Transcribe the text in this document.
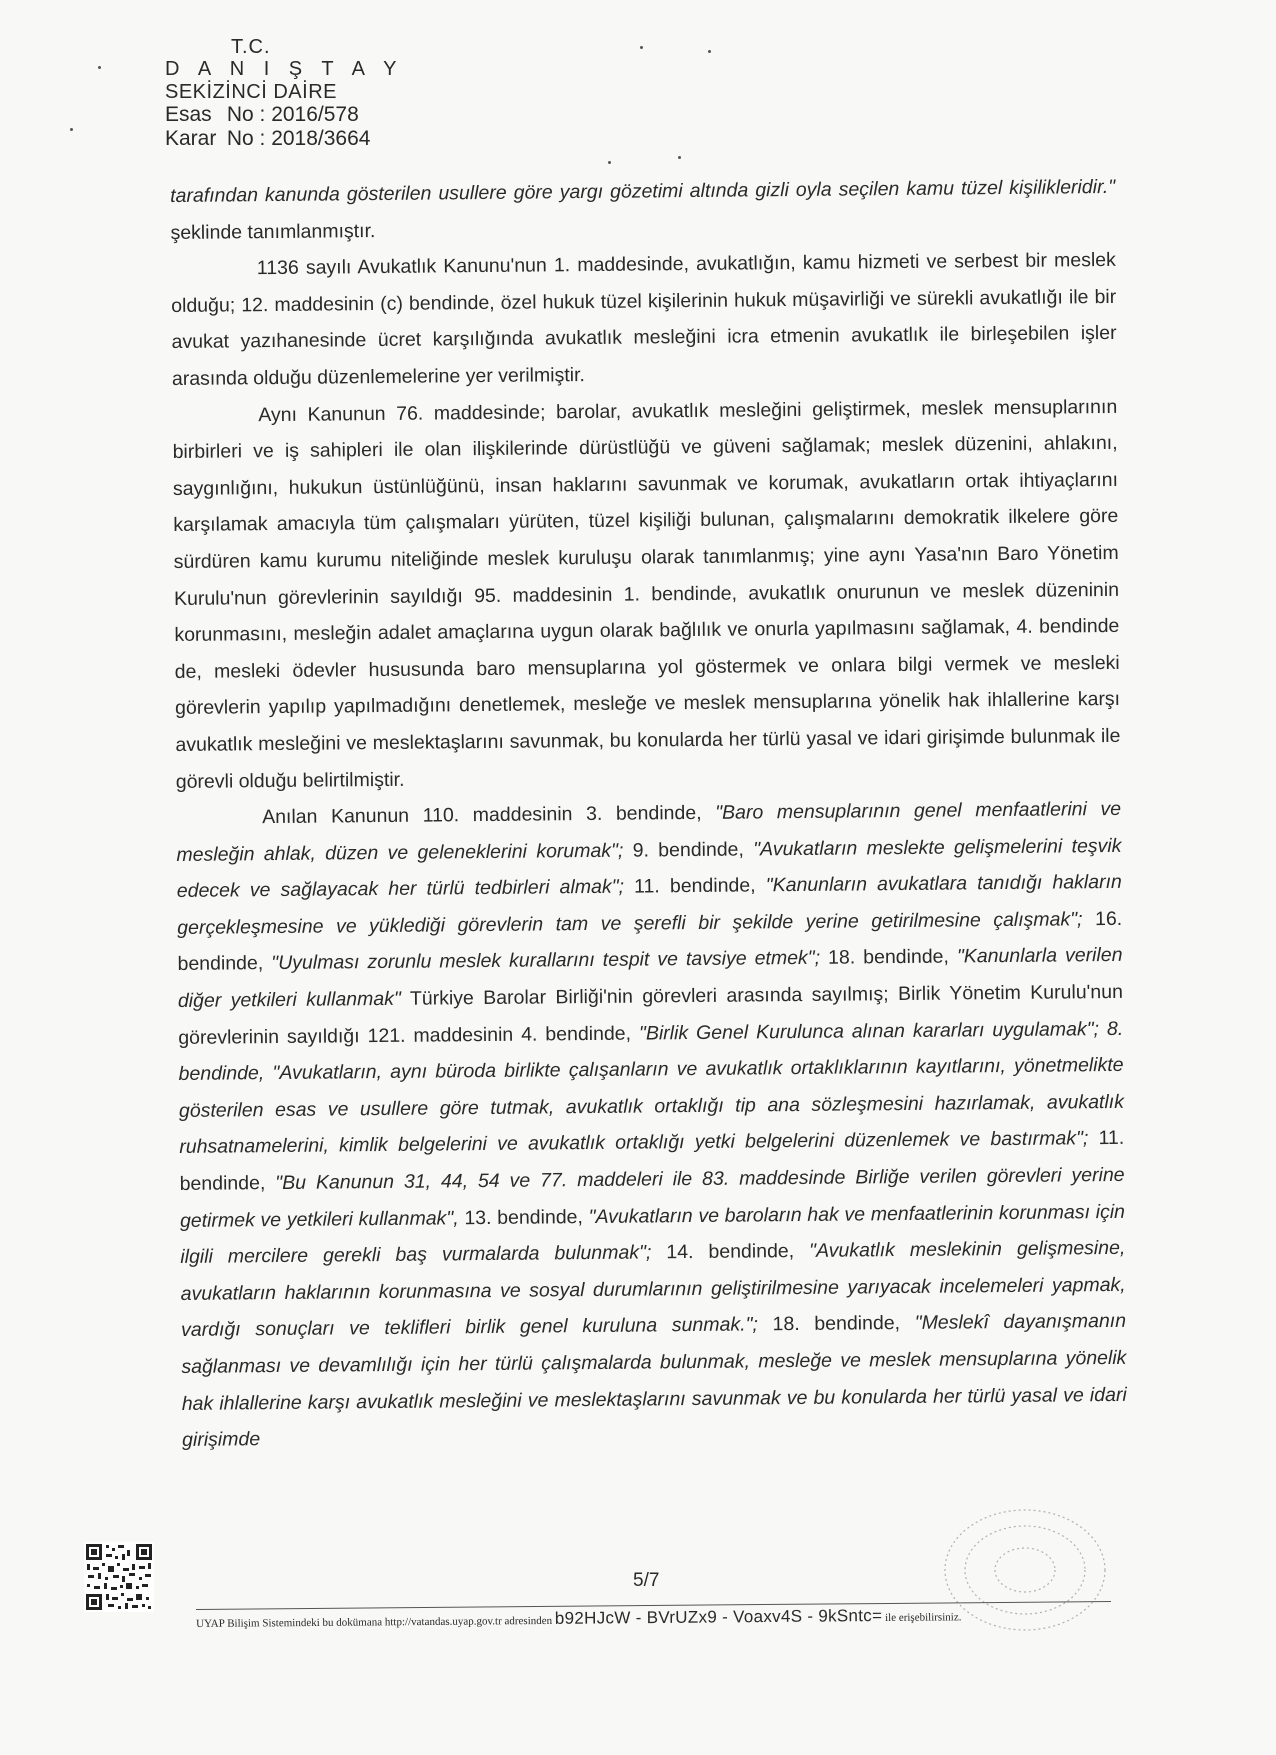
T.C.
D A N I Ş T A Y
SEKİZİNCİ DAİRE
Esas No : 2016/578
Karar No : 2018/3664

tarafından kanunda gösterilen usullere göre yargı gözetimi altında gizli oyla seçilen kamu tüzel kişilikleridir." şeklinde tanımlanmıştır.

1136 sayılı Avukatlık Kanunu'nun 1. maddesinde, avukatlığın, kamu hizmeti ve serbest bir meslek olduğu; 12. maddesinin (c) bendinde, özel hukuk tüzel kişilerinin hukuk müşavirliği ve sürekli avukatlığı ile bir avukat yazıhanesinde ücret karşılığında avukatlık mesleğini icra etmenin avukatlık ile birleşebilen işler arasında olduğu düzenlemelerine yer verilmiştir.

Aynı Kanunun 76. maddesinde; barolar, avukatlık mesleğini geliştirmek, meslek mensuplarının birbirleri ve iş sahipleri ile olan ilişkilerinde dürüstlüğü ve güveni sağlamak; meslek düzenini, ahlakını, saygınlığını, hukukun üstünlüğünü, insan haklarını savunmak ve korumak, avukatların ortak ihtiyaçlarını karşılamak amacıyla tüm çalışmaları yürüten, tüzel kişiliği bulunan, çalışmalarını demokratik ilkelere göre sürdüren kamu kurumu niteliğinde meslek kuruluşu olarak tanımlanmış; yine aynı Yasa'nın Baro Yönetim Kurulu'nun görevlerinin sayıldığı 95. maddesinin 1. bendinde, avukatlık onurunun ve meslek düzeninin korunmasını, mesleğin adalet amaçlarına uygun olarak bağlılık ve onurla yapılmasını sağlamak, 4. bendinde de, mesleki ödevler hususunda baro mensuplarına yol göstermek ve onlara bilgi vermek ve mesleki görevlerin yapılıp yapılmadığını denetlemek, mesleğe ve meslek mensuplarına yönelik hak ihlallerine karşı avukatlık mesleğini ve meslektaşlarını savunmak, bu konularda her türlü yasal ve idari girişimde bulunmak ile görevli olduğu belirtilmiştir.

Anılan Kanunun 110. maddesinin 3. bendinde, "Baro mensuplarının genel menfaatlerini ve mesleğin ahlak, düzen ve geleneklerini korumak"; 9. bendinde, "Avukatların meslekte gelişmelerini teşvik edecek ve sağlayacak her türlü tedbirleri almak"; 11. bendinde, "Kanunların avukatlara tanıdığı hakların gerçekleşmesine ve yüklediği görevlerin tam ve şerefli bir şekilde yerine getirilmesine çalışmak"; 16. bendinde, "Uyulması zorunlu meslek kurallarını tespit ve tavsiye etmek"; 18. bendinde, "Kanunlarla verilen diğer yetkileri kullanmak" Türkiye Barolar Birliği'nin görevleri arasında sayılmış; Birlik Yönetim Kurulu'nun görevlerinin sayıldığı 121. maddesinin 4. bendinde, "Birlik Genel Kurulunca alınan kararları uygulamak"; 8. bendinde, "Avukatların, aynı büroda birlikte çalışanların ve avukatlık ortaklıklarının kayıtlarını, yönetmelikte gösterilen esas ve usullere göre tutmak, avukatlık ortaklığı tip ana sözleşmesini hazırlamak, avukatlık ruhsatnamelerini, kimlik belgelerini ve avukatlık ortaklığı yetki belgelerini düzenlemek ve bastırmak"; 11. bendinde, "Bu Kanunun 31, 44, 54 ve 77. maddeleri ile 83. maddesinde Birliğe verilen görevleri yerine getirmek ve yetkileri kullanmak", 13. bendinde, "Avukatların ve baroların hak ve menfaatlerinin korunması için ilgili mercilere gerekli baş vurmalarda bulunmak"; 14. bendinde, "Avukatlık meslekinin gelişmesine, avukatların haklarının korunmasına ve sosyal durumlarının geliştirilmesine yarıyacak incelemeleri yapmak, vardığı sonuçları ve teklifleri birlik genel kuruluna sunmak."; 18. bendinde, "Meslekî dayanışmanın sağlanması ve devamlılığı için her türlü çalışmalarda bulunmak, mesleğe ve meslek mensuplarına yönelik hak ihlallerine karşı avukatlık mesleğini ve meslektaşlarını savunmak ve bu konularda her türlü yasal ve idari girişimde

5/7
UYAP Bilişim Sistemindeki bu dokümana http://vatandas.uyap.gov.tr adresinden b92HJcW - BVrUZx9 - Voaxv4S - 9kSntc= ile erişebilirsiniz.
